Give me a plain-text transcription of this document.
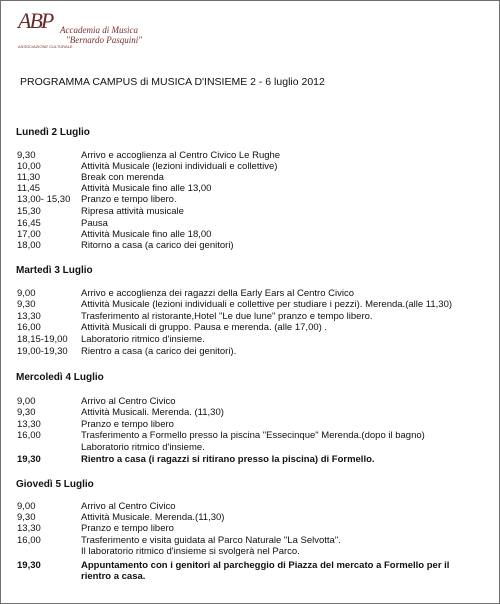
ABP Accademia di Musica
"Bernardo Pasquini"
ASSOCIAZIONE CULTURALE
PROGRAMMA CAMPUS di MUSICA D'INSIEME 2 - 6 luglio 2012
Lunedì 2 Luglio
9,30	Arrivo e accoglienza al Centro Civico Le Rughe
10,00	Attività Musicale (lezioni individuali e collettive)
11,30	Break con merenda
11,45	Attività Musicale fino alle 13,00
13,00- 15,30 Pranzo e tempo libero.
15,30	Ripresa attività musicale
16,45	Pausa
17,00	Attività Musicale fino alle 18,00
18,00	Ritorno a casa (a carico dei genitori)
Martedì 3 Luglio
9,00	Arrivo e accoglienza dei ragazzi della Early Ears al Centro Civico
9,30	Attività Musicale (lezioni individuali e collettive per studiare i pezzi). Merenda.(alle 11,30)
13,30	Trasferimento al ristorante,Hotel "Le due lune" pranzo e tempo libero.
16,00	Attività Musicali di gruppo. Pausa e merenda. (alle 17,00) .
18,15-19,00 Laboratorio ritmico d'insieme.
19,00-19,30 Rientro a casa (a carico dei genitori).
Mercoledì 4 Luglio
9,00	Arrivo al Centro Civico
9,30	Attività Musicali. Merenda. (11,30)
13,30	Pranzo e tempo libero
16,00	Trasferimento a Formello presso la piscina "Essecinque" Merenda.(dopo il bagno)
Laboratorio ritmico d'insieme.
19,30	Rientro a casa (i ragazzi si ritirano presso la piscina) di Formello.
Giovedì 5 Luglio
9,00	Arrivo al Centro Civico
9,30	Attività Musicale. Merenda.(11,30)
13,30	Pranzo e tempo libero
16,00	Trasferimento e visita guidata al Parco Naturale "La Selvotta".
Il laboratorio ritmico d'insieme si svolgerà nel Parco.
19,30	Appuntamento con i genitori al parcheggio di Piazza del mercato a Formello per il
rientro a casa.
